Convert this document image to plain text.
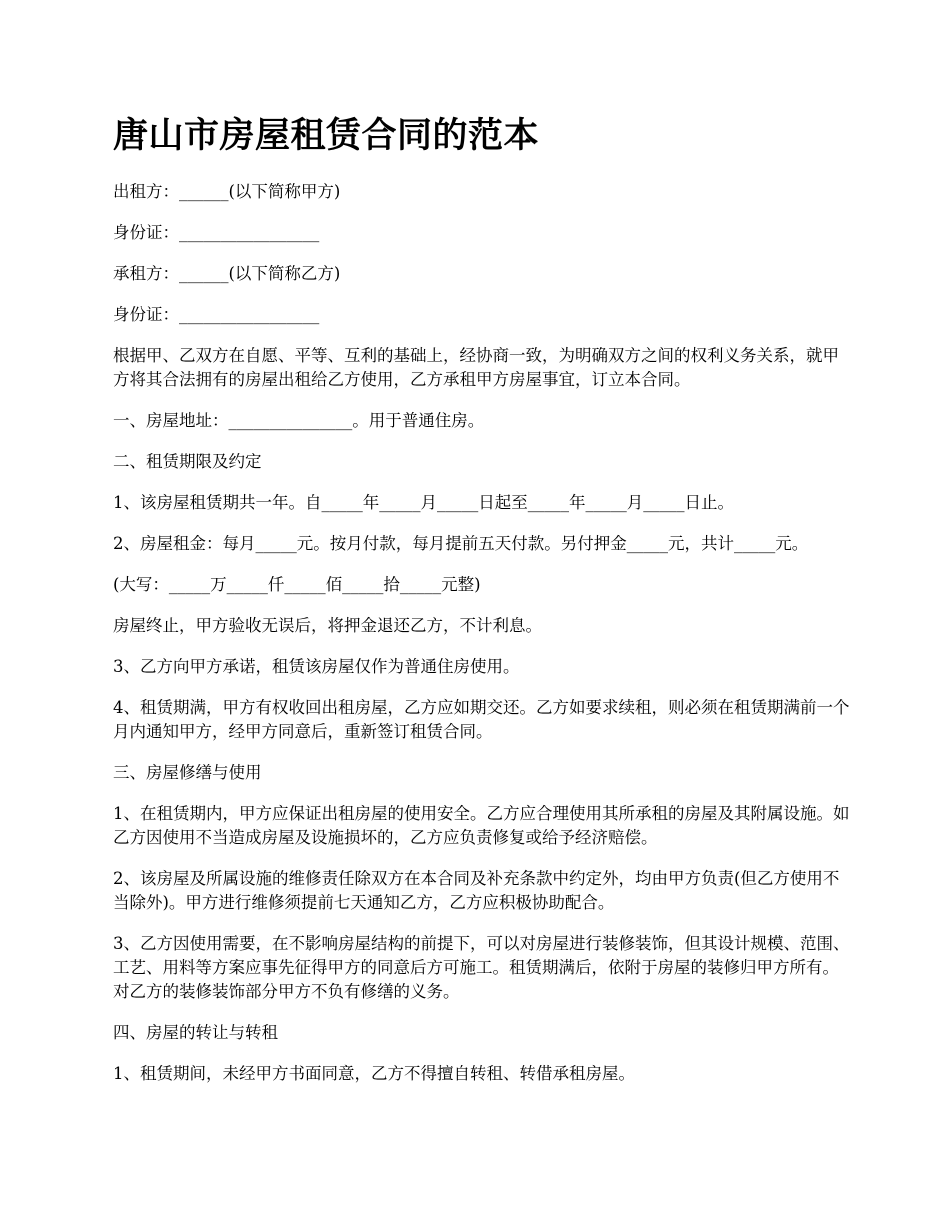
唐山市房屋租赁合同的范本

出租方：______(以下简称甲方)

身份证：_________________

承租方：______(以下简称乙方)

身份证：_________________

根据甲、乙双方在自愿、平等、互利的基础上，经协商一致，为明确双方之间的权利义务关系，就甲方将其合法拥有的房屋出租给乙方使用，乙方承租甲方房屋事宜，订立本合同。

一、房屋地址：_______________。用于普通住房。

二、租赁期限及约定

1、该房屋租赁期共一年。自_____年_____月_____日起至_____年_____月_____日止。

2、房屋租金：每月_____元。按月付款，每月提前五天付款。另付押金_____元，共计_____元。

(大写：_____万_____仟_____佰_____拾_____元整)

房屋终止，甲方验收无误后，将押金退还乙方，不计利息。

3、乙方向甲方承诺，租赁该房屋仅作为普通住房使用。

4、租赁期满，甲方有权收回出租房屋，乙方应如期交还。乙方如要求续租，则必须在租赁期满前一个月内通知甲方，经甲方同意后，重新签订租赁合同。

三、房屋修缮与使用

1、在租赁期内，甲方应保证出租房屋的使用安全。乙方应合理使用其所承租的房屋及其附属设施。如乙方因使用不当造成房屋及设施损坏的，乙方应负责修复或给予经济赔偿。

2、该房屋及所属设施的维修责任除双方在本合同及补充条款中约定外，均由甲方负责(但乙方使用不当除外)。甲方进行维修须提前七天通知乙方，乙方应积极协助配合。

3、乙方因使用需要，在不影响房屋结构的前提下，可以对房屋进行装修装饰，但其设计规模、范围、工艺、用料等方案应事先征得甲方的同意后方可施工。租赁期满后，依附于房屋的装修归甲方所有。对乙方的装修装饰部分甲方不负有修缮的义务。

四、房屋的转让与转租

1、租赁期间，未经甲方书面同意，乙方不得擅自转租、转借承租房屋。
